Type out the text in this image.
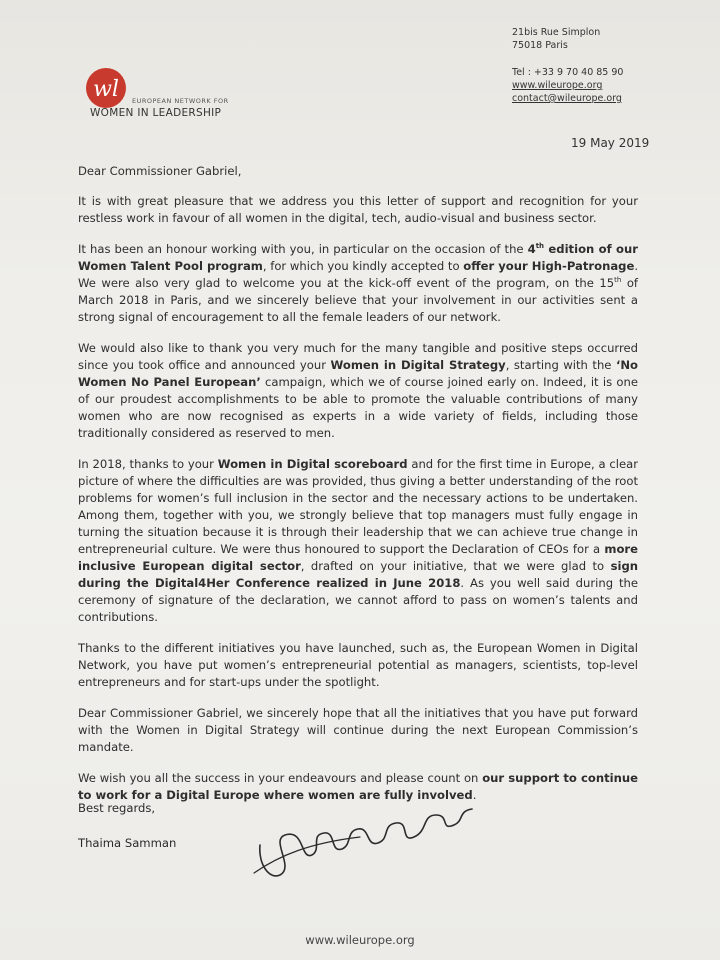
wl EUROPEAN NETWORK FOR
WOMEN IN LEADERSHIP
21bis Rue Simplon
75018 Paris
Tel : +33 9 70 40 85 90
www.wileurope.org
contact@wileurope.org
19 May 2019

Dear Commissioner Gabriel,

It is with great pleasure that we address you this letter of support and recognition for your restless work in favour of all women in the digital, tech, audio-visual and business sector.

It has been an honour working with you, in particular on the occasion of the 4th edition of our Women Talent Pool program, for which you kindly accepted to offer your High-Patronage. We were also very glad to welcome you at the kick-off event of the program, on the 15th of March 2018 in Paris, and we sincerely believe that your involvement in our activities sent a strong signal of encouragement to all the female leaders of our network.

We would also like to thank you very much for the many tangible and positive steps occurred since you took office and announced your Women in Digital Strategy, starting with the ‘No Women No Panel European’ campaign, which we of course joined early on. Indeed, it is one of our proudest accomplishments to be able to promote the valuable contributions of many women who are now recognised as experts in a wide variety of fields, including those traditionally considered as reserved to men.

In 2018, thanks to your Women in Digital scoreboard and for the first time in Europe, a clear picture of where the difficulties are was provided, thus giving a better understanding of the root problems for women’s full inclusion in the sector and the necessary actions to be undertaken. Among them, together with you, we strongly believe that top managers must fully engage in turning the situation because it is through their leadership that we can achieve true change in entrepreneurial culture. We were thus honoured to support the Declaration of CEOs for a more inclusive European digital sector, drafted on your initiative, that we were glad to sign during the Digital4Her Conference realized in June 2018. As you well said during the ceremony of signature of the declaration, we cannot afford to pass on women’s talents and contributions.

Thanks to the different initiatives you have launched, such as, the European Women in Digital Network, you have put women’s entrepreneurial potential as managers, scientists, top-level entrepreneurs and for start-ups under the spotlight.

Dear Commissioner Gabriel, we sincerely hope that all the initiatives that you have put forward with the Women in Digital Strategy will continue during the next European Commission’s mandate.

We wish you all the success in your endeavours and please count on our support to continue to work for a Digital Europe where women are fully involved.

Best regards,
Thaima Samman
www.wileurope.org
